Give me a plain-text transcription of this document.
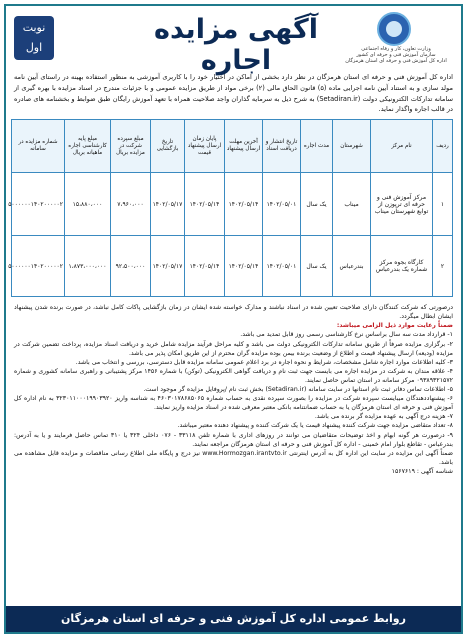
وزارت تعاون، کار و رفاه اجتماعی
سازمان آموزش فنی و حرفه ای کشور
اداره کل آموزش فنی و حرفه ای استان هرمزگان
آگهی مزایده اجاره
نوبت
اول
اداره کل آموزش فنی و حرفه ای استان هرمزگان در نظر دارد بخشی از اماکن در اختیار خود را با کاربری آموزشی به منظور استفاده بهینه در راستای آیین نامه مولد سازی و به استناد آیین نامه اجرایی ماده (۵) قانون الحاق مالی (۲) برخی مواد از طریق مزایده عمومی و با جزئیات مندرج در اسناد مزایده با بهره گیری از سامانه تدارکات الکترونیکی دولت (Setadiran.ir) به شرح ذیل به سرمایه گذاران واجد صلاحیت همراه با تعهد آموزش رایگان طبق ضوابط و بخشنامه های صادره در قالب اجاره واگذار نماید.
ردیف	نام مرکز	شهرستان	مدت اجاره	تاریخ انتشار و دریافت اسناد	آخرین مهلت ارسال پیشنهاد	پایان زمان ارسال پیشنهاد قیمت	تاریخ بازگشایی	مبلغ سپرده شرکت در مزایده بریال	مبلغ پایه کارشناسی اجاره ماهیانه بریال	شماره مزایده در سامانه
۱	مرکز آموزش فنی و حرفه ای ترپوزن از توابع شهرستان میناب	میناب	یک سال	۱۴۰۲/۰۵/۰۱	۱۴۰۲/۰۵/۱۴	۱۴۰۲/۰۵/۱۴	۱۴۰۲/۰۵/۱۷	۷،۹۶۰،۰۰۰	۱۵،۸۸۰،۰۰۰	۵۰۰۰۰۰۰۱۴۰۲۰۰۰۰۰۲
۲	کارگاه بجوه مرکز شماره یک بندرعباس	بندرعباس	یک سال	۱۴۰۲/۰۵/۰۱	۱۴۰۲/۰۵/۱۴	۱۴۰۲/۰۵/۱۴	۱۴۰۲/۰۵/۱۷	۹۲،۵۰۰،۰۰۰	۱،۸۷۳،۰۰۰،۰۰۰	۵۰۰۰۰۰۰۱۴۰۲۰۰۰۰۰۲

درصورتی که شرکت کنندگان دارای صلاحیت تعیین شده در اسناد نباشند و مدارک خواسته شده ایشان در زمان بازگشایی پاکات کامل نباشد، در صورت برنده شدن پیشنهاد ایشان ابطال میگردد.

ضمناً رعایت موارد ذیل الزامی میباشد:

۱- قرارداد مدت سه سال براساس نرخ کارشناسی رسمی روز قابل تمدید می باشد.

۲- برگزاری مزایده صرفاً از طریق سامانه تدارکات الکترونیکی دولت می باشد و کلیه مراحل فرآیند مزایده شامل خرید و دریافت اسناد مزایده، پرداخت تضمین شرکت در مزایده (ودیعه) ارسال پیشنهاد قیمت و اطلاع از وضعیت برنده بیمن بوده مزایده گران محترم از این طریق امکان پذیر می باشد.

۳- کلیه اطلاعات موارد اجاره شامل مشخصات، شرایط و نحوه اجاره در برد اعلام عمومی سامانه مزایده قابل دسترسی، بررسی و انتخاب می باشد.

۴- علاقه مندان به شرکت در مزایده اجاره می بایست جهت ثبت نام و دریافت گواهی الکترونیکی (توکن) با شماره ۱۴۵۶ مرکز پشتیبانی و راهبری سامانه کشوری و شماره ۰۹۳۸۹۳۲۱۵۷۲ مرکز سامانه در استان تماس حاصل نمایند.

۵- اطلاعات تماس دفاتر ثبت نام استانها در سایت سامانه (Setadiran.ir) بخش ثبت نام /پروفایل مزایده گر موجود است.

۶- پیشنهاددهندگان میبایست سپرده شرکت در مزایده را بصورت سپرده نقدی به حساب شماره ۴۶۰۳۰۱۷۸۶۸۵۰۶۵ به شناسه واریز ۳۲۳۰۱۱۰۰۰۱۹۹۰۳۹۲۰ به نام اداره کل آموزش فنی و حرفه ای استان هرمزگان یا به حساب ضمانتنامه بانکی معتبر معرفی شده در اسناد مزایده واریز نمایند.

۷- هزینه درج آگهی به عهده مزایده گر برنده می باشد.

۸- تعداد متقاضی مزایده جهت شرکت کننده پیشنهاد قیمت یا یک شرکت کننده و پیشنهاد دهنده معتبر میباشد.

۹- درصورت هر گونه ابهام و اخذ توضیحات متقاضیان می توانند در روزهای اداری با شماره تلفن ۳۳۱۱۸ - ۰۷۶ داخلی ۳۲۴ یا ۳۱۰ تماس حاصل فرمایند و یا به آدرس: بندرعباس - تقاطع بلوار امام خمینی - اداره کل آموزش فنی و حرفه ای استان هرمزگان مراجعه نمایند.

ضمناً آگهی این مزایده در سایت این اداره کل به آدرس اینترنتی www.Hormozgan.irantvto.ir نیز درج و پایگاه ملی اطلاع رسانی مناقصات و مزایده قابل مشاهده می باشد.

شناسه آگهی : ۱۵۶۷۶۱۹

روابط عمومی اداره کل آموزش فنی و حرفه ای استان هرمزگان
